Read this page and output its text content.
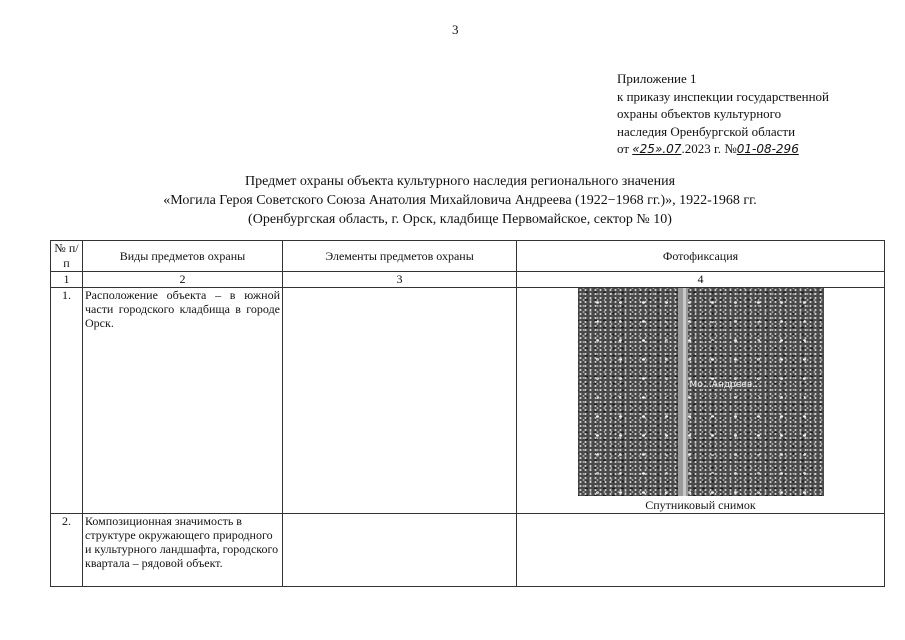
3
Приложение 1
к приказу инспекции государственной
охраны объектов культурного
наследия Оренбургской области
от «25».07.2023 г. №01-08-296
Предмет охраны объекта культурного наследия регионального значения
«Могила Героя Советского Союза Анатолия Михайловича Андреева (1922−1968 гг.)», 1922-1968 гг.
(Оренбургская область, г. Орск, кладбище Первомайское, сектор № 10)
№ п/п	Виды предметов охраны	Элементы предметов охраны	Фотофиксация
1	2	3	4
1.	Расположение объекта – в южной части городского кладбища в городе Орск.		Мо…Андреев…
Спутниковый снимок

2.	Композиционная значимость в структуре окружающего природного и культурного ландшафта, городского квартала – рядовой объект.		
